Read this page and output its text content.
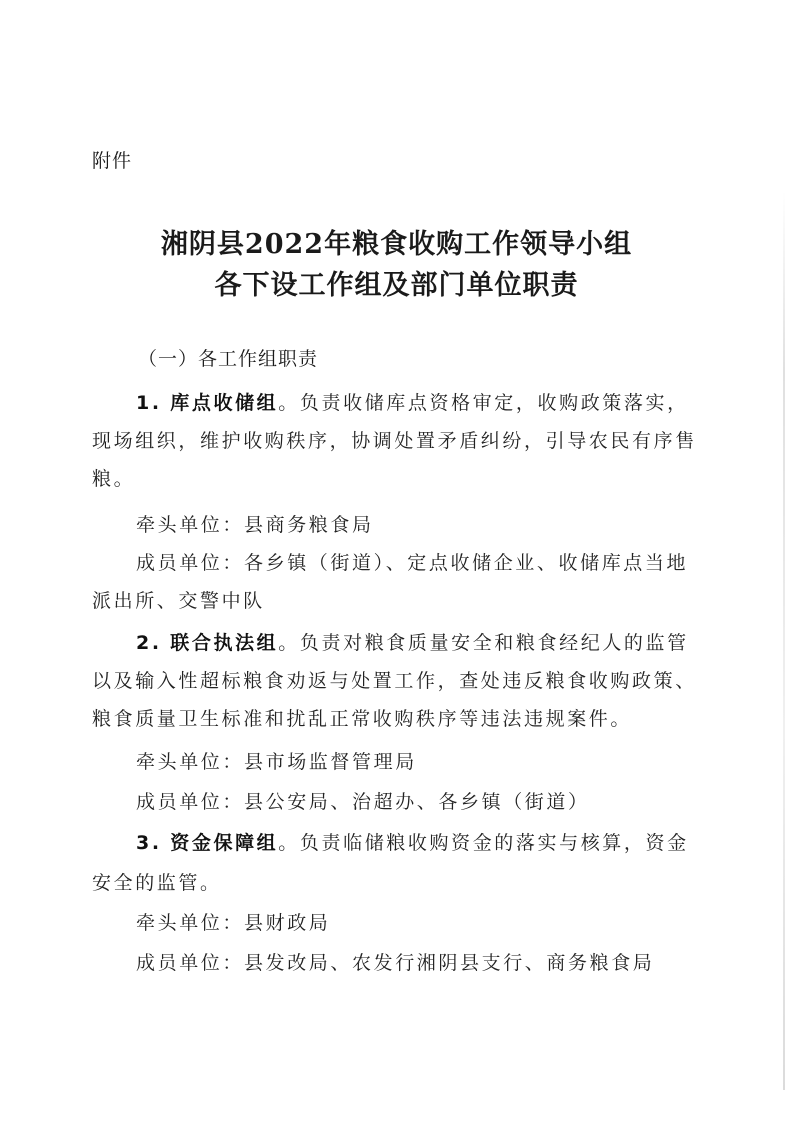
附件
湘阴县2022年粮食收购工作领导小组
各下设工作组及部门单位职责
（一）各工作组职责
1. 库点收储组。负责收储库点资格审定，收购政策落实，
现场组织，维护收购秩序，协调处置矛盾纠纷，引导农民有序售
粮。
牵头单位：县商务粮食局
成员单位：各乡镇（街道）、定点收储企业、收储库点当地
派出所、交警中队
2. 联合执法组。负责对粮食质量安全和粮食经纪人的监管
以及输入性超标粮食劝返与处置工作，查处违反粮食收购政策、
粮食质量卫生标准和扰乱正常收购秩序等违法违规案件。
牵头单位：县市场监督管理局
成员单位：县公安局、治超办、各乡镇（街道）
3. 资金保障组。负责临储粮收购资金的落实与核算，资金
安全的监管。
牵头单位：县财政局
成员单位：县发改局、农发行湘阴县支行、商务粮食局
